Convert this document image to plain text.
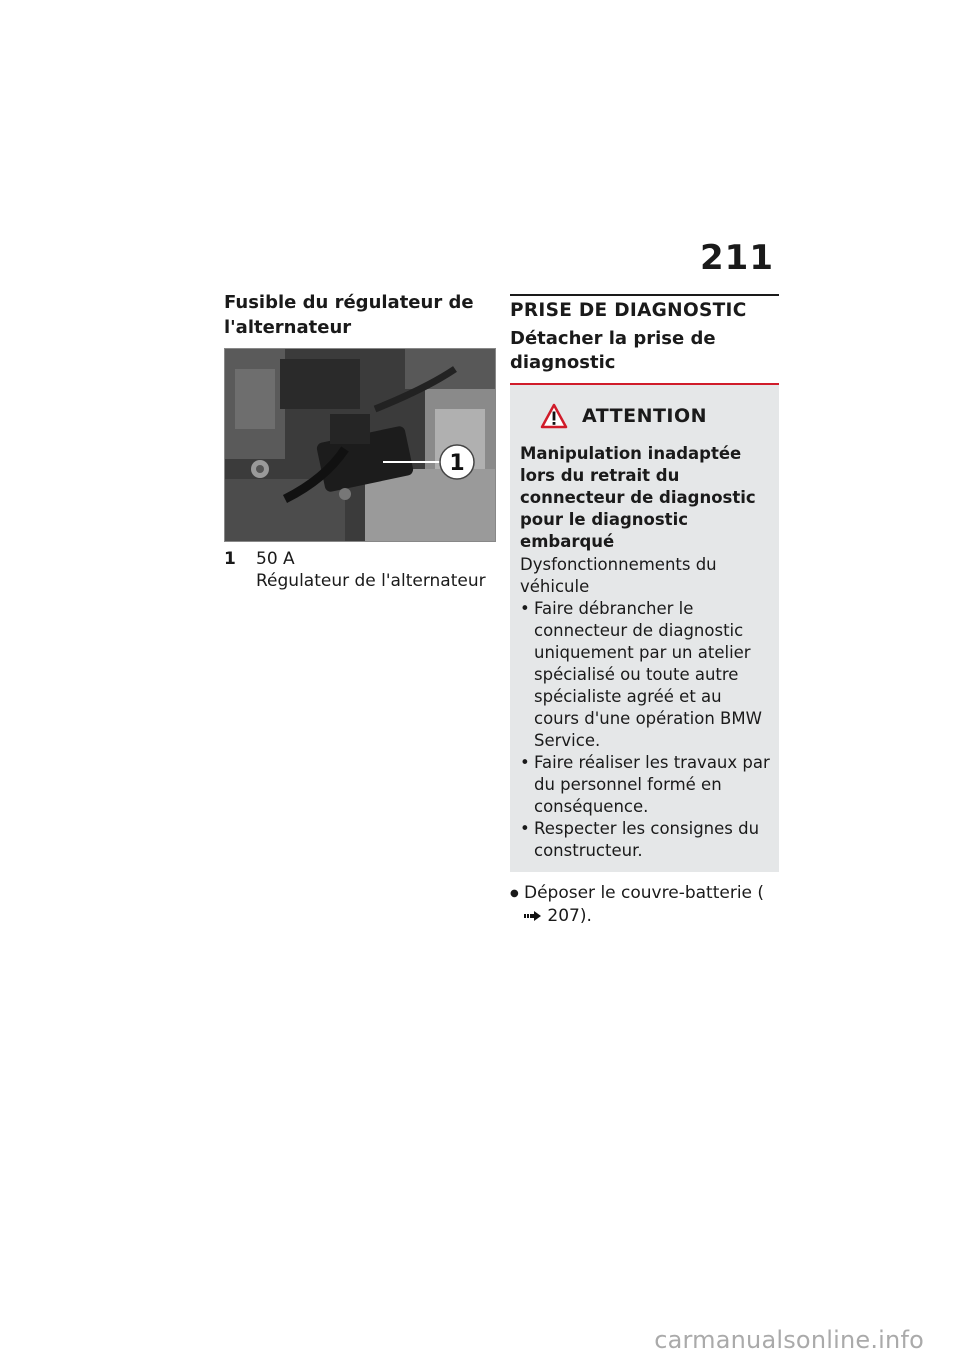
211
Fusible du régulateur de l'alternateur
1
1	50 A
Régulateur de l'alternateur
PRISE DE DIAGNOSTIC
Détacher la prise de diagnostic
ATTENTION
Manipulation inadaptée lors du retrait du connecteur de diagnostic pour le diagnostic embarqué
Dysfonctionnements du véhicule
• Faire débrancher le connecteur de diagnostic uniquement par un atelier spécialisé ou toute autre spécialiste agréé et au cours d'une opération BMW Service.
• Faire réaliser les travaux par du personnel formé en conséquence.
• Respecter les consignes du constructeur.
● Déposer le couvre-batterie ( 207).
carmanualsonline.info
